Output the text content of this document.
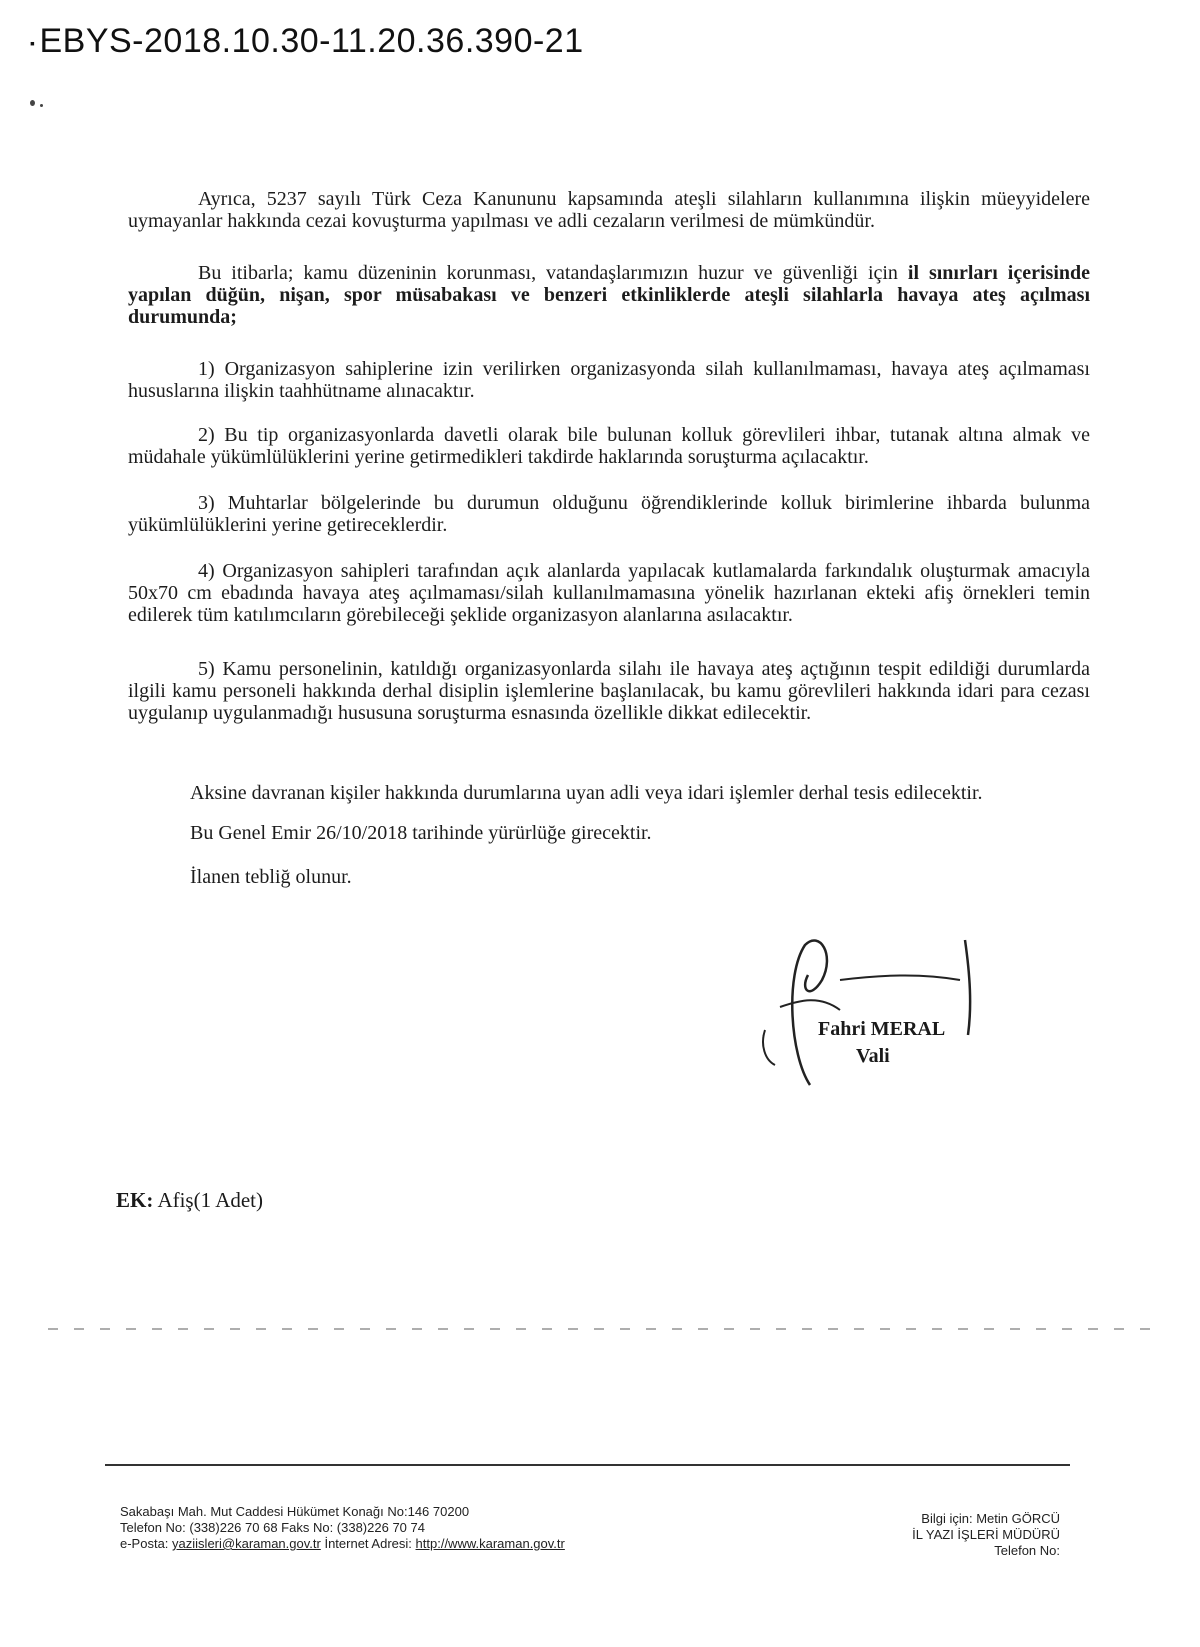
▪ EBYS-2018.10.30-11.20.36.390-21

Ayrıca, 5237 sayılı Türk Ceza Kanununu kapsamında ateşli silahların kullanımına ilişkin müeyyidelere uymayanlar hakkında cezai kovuşturma yapılması ve adli cezaların verilmesi de mümkündür.

Bu itibarla; kamu düzeninin korunması, vatandaşlarımızın huzur ve güvenliği için il sınırları içerisinde yapılan düğün, nişan, spor müsabakası ve benzeri etkinliklerde ateşli silahlarla havaya ateş açılması durumunda;

1) Organizasyon sahiplerine izin verilirken organizasyonda silah kullanılmaması, havaya ateş açılmaması hususlarına ilişkin taahhütname alınacaktır.

2) Bu tip organizasyonlarda davetli olarak bile bulunan kolluk görevlileri ihbar, tutanak altına almak ve müdahale yükümlülüklerini yerine getirmedikleri takdirde haklarında soruşturma açılacaktır.

3) Muhtarlar bölgelerinde bu durumun olduğunu öğrendiklerinde kolluk birimlerine ihbarda bulunma yükümlülüklerini yerine getireceklerdir.

4) Organizasyon sahipleri tarafından açık alanlarda yapılacak kutlamalarda farkındalık oluşturmak amacıyla 50x70 cm ebadında havaya ateş açılmaması/silah kullanılmamasına yönelik hazırlanan ekteki afiş örnekleri temin edilerek tüm katılımcıların görebileceği şeklide organizasyon alanlarına asılacaktır.

5) Kamu personelinin, katıldığı organizasyonlarda silahı ile havaya ateş açtığının tespit edildiği durumlarda ilgili kamu personeli hakkında derhal disiplin işlemlerine başlanılacak, bu kamu görevlileri hakkında idari para cezası uygulanıp uygulanmadığı hususuna soruşturma esnasında özellikle dikkat edilecektir.

Aksine davranan kişiler hakkında durumlarına uyan adli veya idari işlemler derhal tesis edilecektir.
Bu Genel Emir 26/10/2018 tarihinde yürürlüğe girecektir.
İlanen tebliğ olunur.
Fahri MERAL
Vali
EK: Afiş(1 Adet)
Sakabaşı Mah. Mut Caddesi Hükümet Konağı No:146 70200
Telefon No: (338)226 70 68 Faks No: (338)226 70 74
e-Posta: yaziisleri@karaman.gov.tr İnternet Adresi: http://www.karaman.gov.tr
Bilgi için: Metin GÖRCÜ
İL YAZI İŞLERİ MÜDÜRÜ
Telefon No:
